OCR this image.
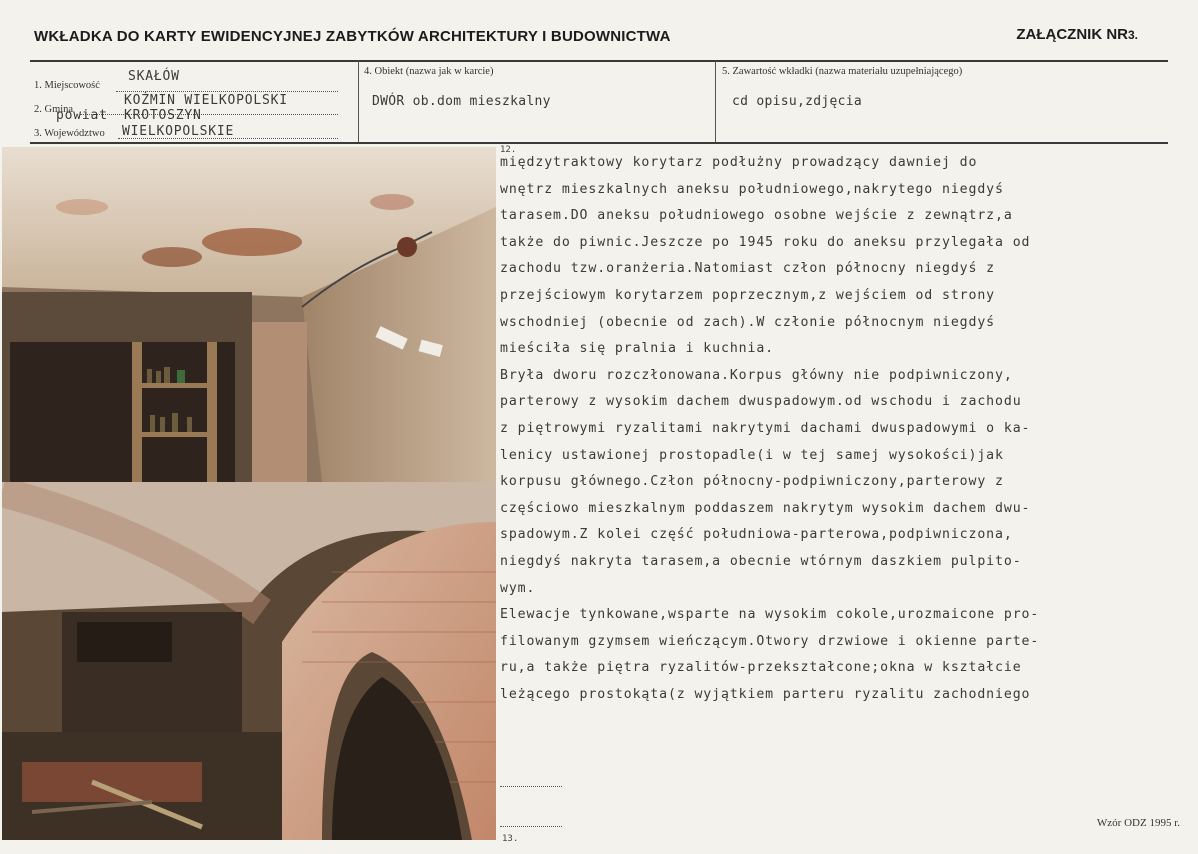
WKŁADKA DO KARTY EWIDENCYJNEJ ZABYTKÓW ARCHITEKTURY I BUDOWNICTWA	ZAŁĄCZNIK NR3.
1. Miejscowość
SKAŁÓW
2. Gmina
KOŹMIN WIELKOPOLSKI
powiat KROTOSZYN
3. Województwo WIELKOPOLSKIE
4. Obiekt (nazwa jak w karcie)
DWÓR ob.dom mieszkalny
5. Zawartość wkładki (nazwa materiału uzupełniającego)
cd opisu,zdjęcia
12.
międzytraktowy korytarz podłużny prowadzący dawniej do
wnętrz mieszkalnych aneksu południowego,nakrytego niegdyś
tarasem.DO aneksu południowego osobne wejście z zewnątrz,a
także do piwnic.Jeszcze po 1945 roku do aneksu przylegała od
zachodu tzw.oranżeria.Natomiast człon północny niegdyś z
przejściowym korytarzem poprzecznym,z wejściem od strony
wschodniej (obecnie od zach).W członie północnym niegdyś
mieściła się pralnia i kuchnia.
Bryła dworu rozczłonowana.Korpus główny nie podpiwniczony,
parterowy z wysokim dachem dwuspadowym.od wschodu i zachodu
z piętrowymi ryzalitami nakrytymi dachami dwuspadowymi o ka-
lenicy ustawionej prostopadle(i w tej samej wysokości)jak
korpusu głównego.Człon północny-podpiwniczony,parterowy z
częściowo mieszkalnym poddaszem nakrytym wysokim dachem dwu-
spadowym.Z kolei część południowa-parterowa,podpiwniczona,
niegdyś nakryta tarasem,a obecnie wtórnym daszkiem pulpito-
wym.
Elewacje tynkowane,wsparte na wysokim cokole,urozmaicone pro-
filowanym gzymsem wieńczącym.Otwory drzwiowe i okienne parte-
ru,a także piętra ryzalitów-przekształcone;okna w kształcie
leżącego prostokąta(z wyjątkiem parteru ryzalitu zachodniego
13.
Wzór ODZ 1995 r.
